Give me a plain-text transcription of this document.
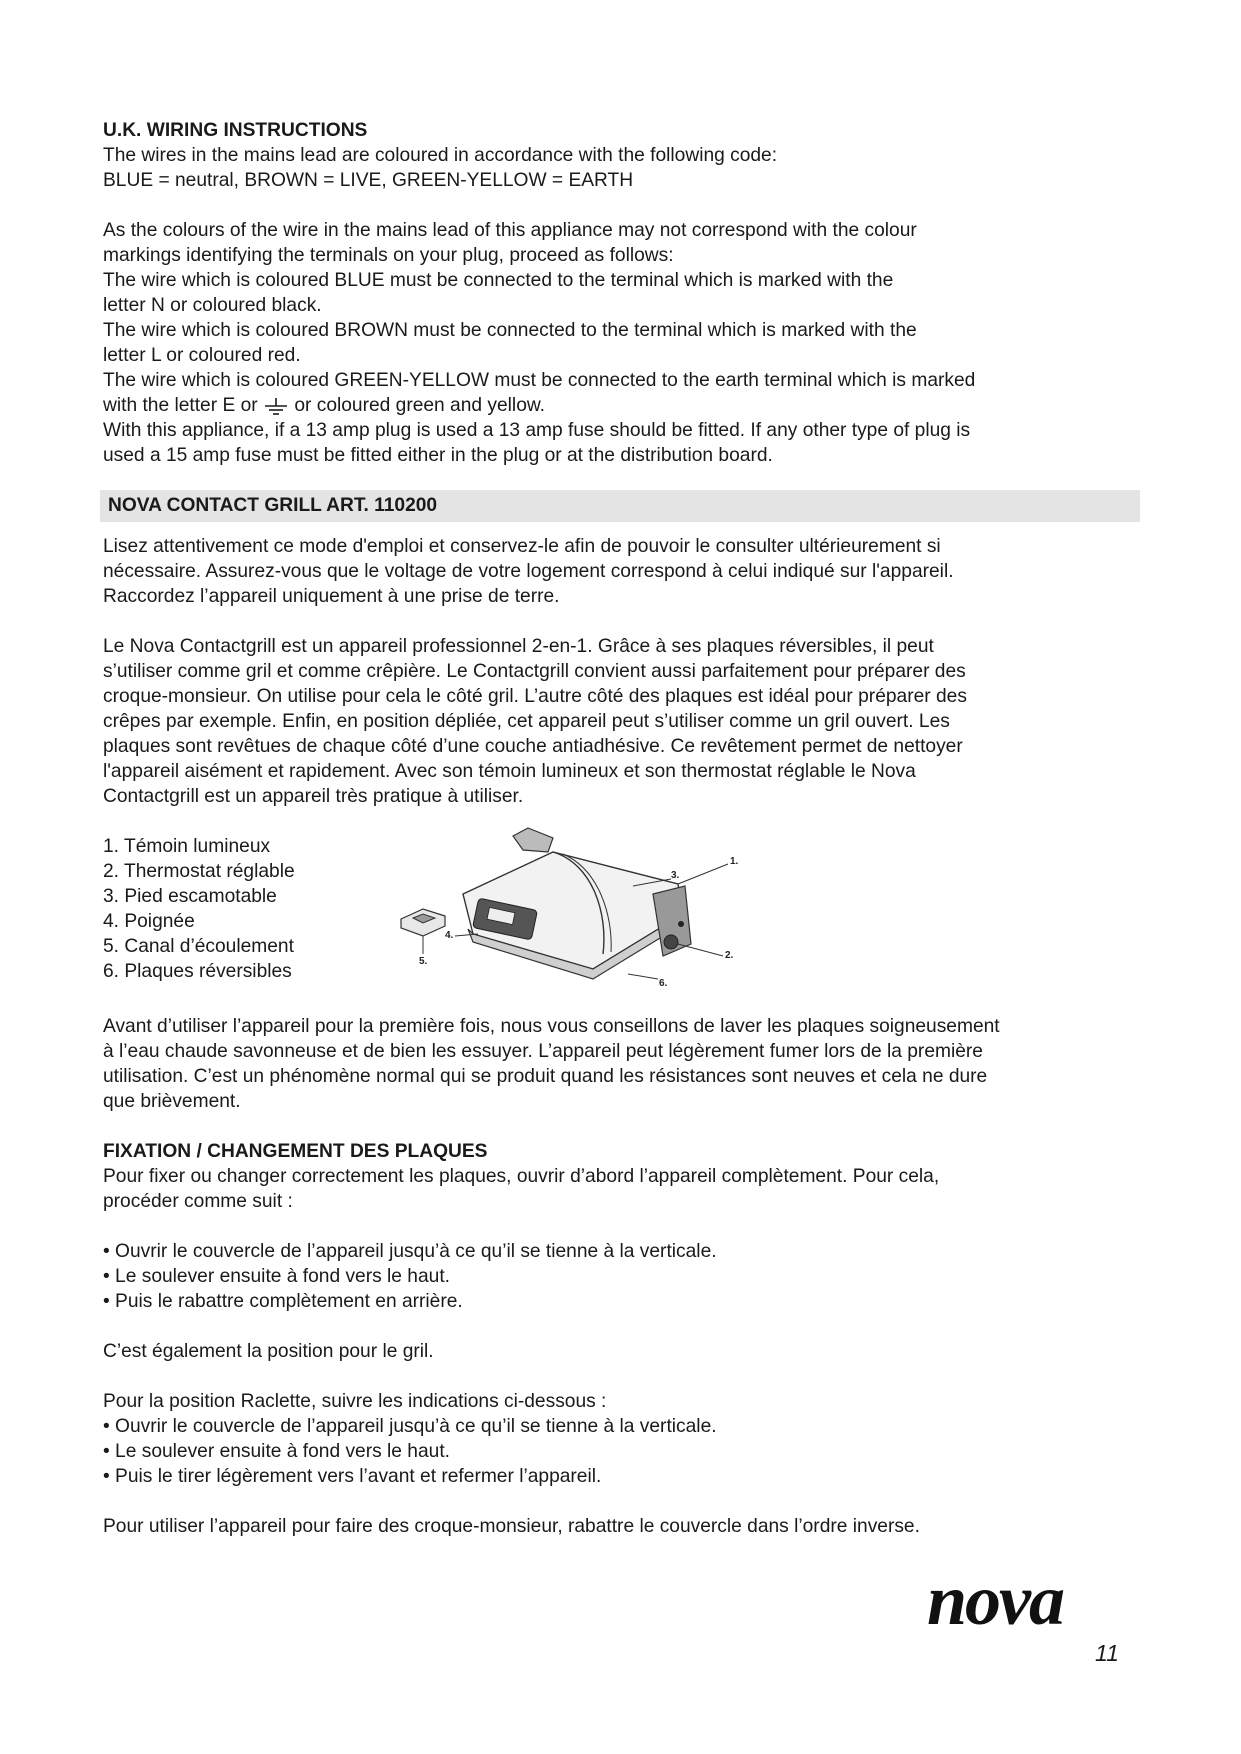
U.K. WIRING INSTRUCTIONS

The wires in the mains lead are coloured in accordance with the following code:

BLUE = neutral, BROWN = LIVE, GREEN-YELLOW = EARTH

As the colours of the wire in the mains lead of this appliance may not correspond with the colour

markings identifying the terminals on your plug, proceed as follows:

The wire which is coloured BLUE must be connected to the terminal which is marked with the

letter N or coloured black.

The wire which is coloured BROWN must be connected to the terminal which is marked with the

letter L or coloured red.

The wire which is coloured GREEN-YELLOW must be connected to the earth terminal which is marked

with the letter E or or coloured green and yellow.

With this appliance, if a 13 amp plug is used a 13 amp fuse should be fitted. If any other type of plug is

used a 15 amp fuse must be fitted either in the plug or at the distribution board.

NOVA CONTACT GRILL ART. 110200

Lisez attentivement ce mode d'emploi et conservez-le afin de pouvoir le consulter ultérieurement si

nécessaire. Assurez-vous que le voltage de votre logement correspond à celui indiqué sur l'appareil.

Raccordez l’appareil uniquement à une prise de terre.

Le Nova Contactgrill est un appareil professionnel 2-en-1. Grâce à ses plaques réversibles, il peut

s’utiliser comme gril et comme crêpière. Le Contactgrill convient aussi parfaitement pour préparer des

croque-monsieur. On utilise pour cela le côté gril. L’autre côté des plaques est idéal pour préparer des

crêpes par exemple. Enfin, en position dépliée, cet appareil peut s’utiliser comme un gril ouvert. Les

plaques sont revêtues de chaque côté d’une couche antiadhésive. Ce revêtement permet de nettoyer

l'appareil aisément et rapidement. Avec son témoin lumineux et son thermostat réglable le Nova

Contactgrill est un appareil très pratique à utiliser.

1. Témoin lumineux

2. Thermostat réglable

3. Pied escamotable

4. Poignée

5. Canal d’écoulement

6. Plaques réversibles

1.
3.
2.
4.
5.
6.

Avant d’utiliser l’appareil pour la première fois, nous vous conseillons de laver les plaques soigneusement

à l’eau chaude savonneuse et de bien les essuyer. L’appareil peut légèrement fumer lors de la première

utilisation. C’est un phénomène normal qui se produit quand les résistances sont neuves et cela ne dure

que brièvement.

FIXATION / CHANGEMENT DES PLAQUES

Pour fixer ou changer correctement les plaques, ouvrir d’abord l’appareil complètement. Pour cela,

procéder comme suit :

• Ouvrir le couvercle de l’appareil jusqu’à ce qu’il se tienne à la verticale.

• Le soulever ensuite à fond vers le haut.

• Puis le rabattre complètement en arrière.

C’est également la position pour le gril.

Pour la position Raclette, suivre les indications ci-dessous :

• Ouvrir le couvercle de l’appareil jusqu’à ce qu’il se tienne à la verticale.

• Le soulever ensuite à fond vers le haut.

• Puis le tirer légèrement vers l’avant et refermer l’appareil.

Pour utiliser l’appareil pour faire des croque-monsieur, rabattre le couvercle dans l’ordre inverse.

nova
11
